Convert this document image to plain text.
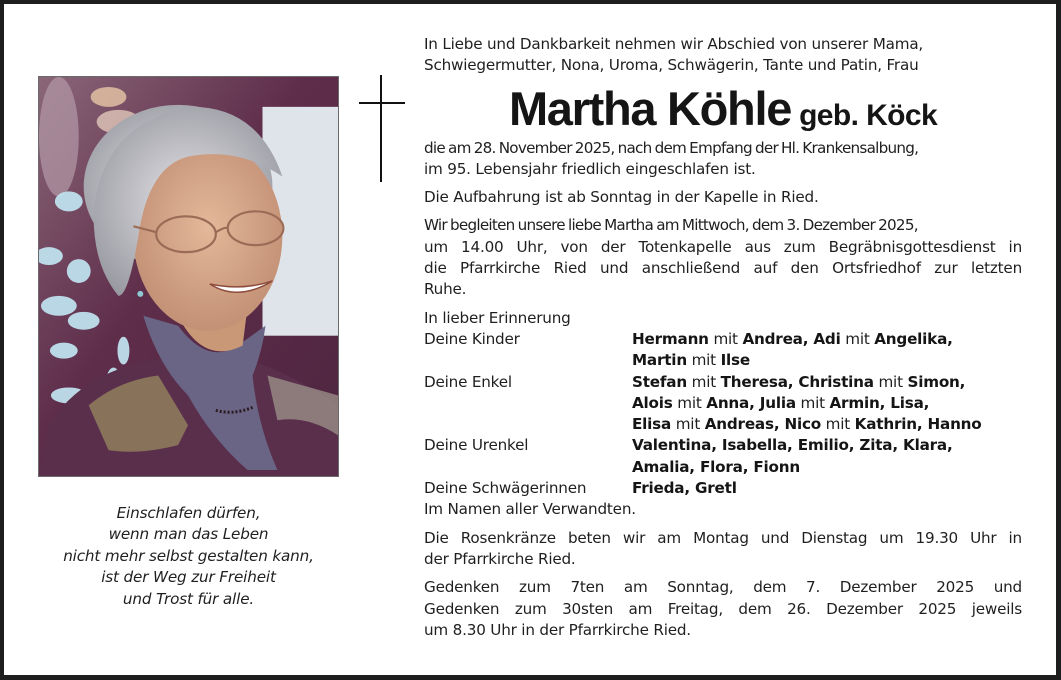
Einschlafen dürfen,
wenn man das Leben
nicht mehr selbst gestalten kann,
ist der Weg zur Freiheit
und Trost für alle.
In Liebe und Dankbarkeit nehmen wir Abschied von unserer Mama,
Schwiegermutter, Nona, Uroma, Schwägerin, Tante und Patin, Frau
Martha Köhle geb. Köck

die am 28. November 2025, nach dem Empfang der Hl. Krankensalbung,
im 95. Lebensjahr friedlich eingeschlafen ist.

Die Aufbahrung ist ab Sonntag in der Kapelle in Ried.

Wir begleiten unsere liebe Martha am Mittwoch, dem 3. Dezember 2025,
um 14.00 Uhr, von der Totenkapelle aus zum Begräbnisgottesdienst in
die Pfarrkirche Ried und anschließend auf den Ortsfriedhof zur letzten
Ruhe.

In lieber Erinnerung
Deine Kinder	Hermann mit Andrea, Adi mit Angelika,
Martin mit Ilse
Deine Enkel	Stefan mit Theresa, Christina mit Simon,
Alois mit Anna, Julia mit Armin, Lisa,
Elisa mit Andreas, Nico mit Kathrin, Hanno
Deine Urenkel	Valentina, Isabella, Emilio, Zita, Klara,
Amalia, Flora, Fionn
Deine Schwägerinnen	Frieda, Gretl
Im Namen aller Verwandten.

Die Rosenkränze beten wir am Montag und Dienstag um 19.30 Uhr in
der Pfarrkirche Ried.

Gedenken zum 7ten am Sonntag, dem 7. Dezember 2025 und
Gedenken zum 30sten am Freitag, dem 26. Dezember 2025 jeweils
um 8.30 Uhr in der Pfarrkirche Ried.
